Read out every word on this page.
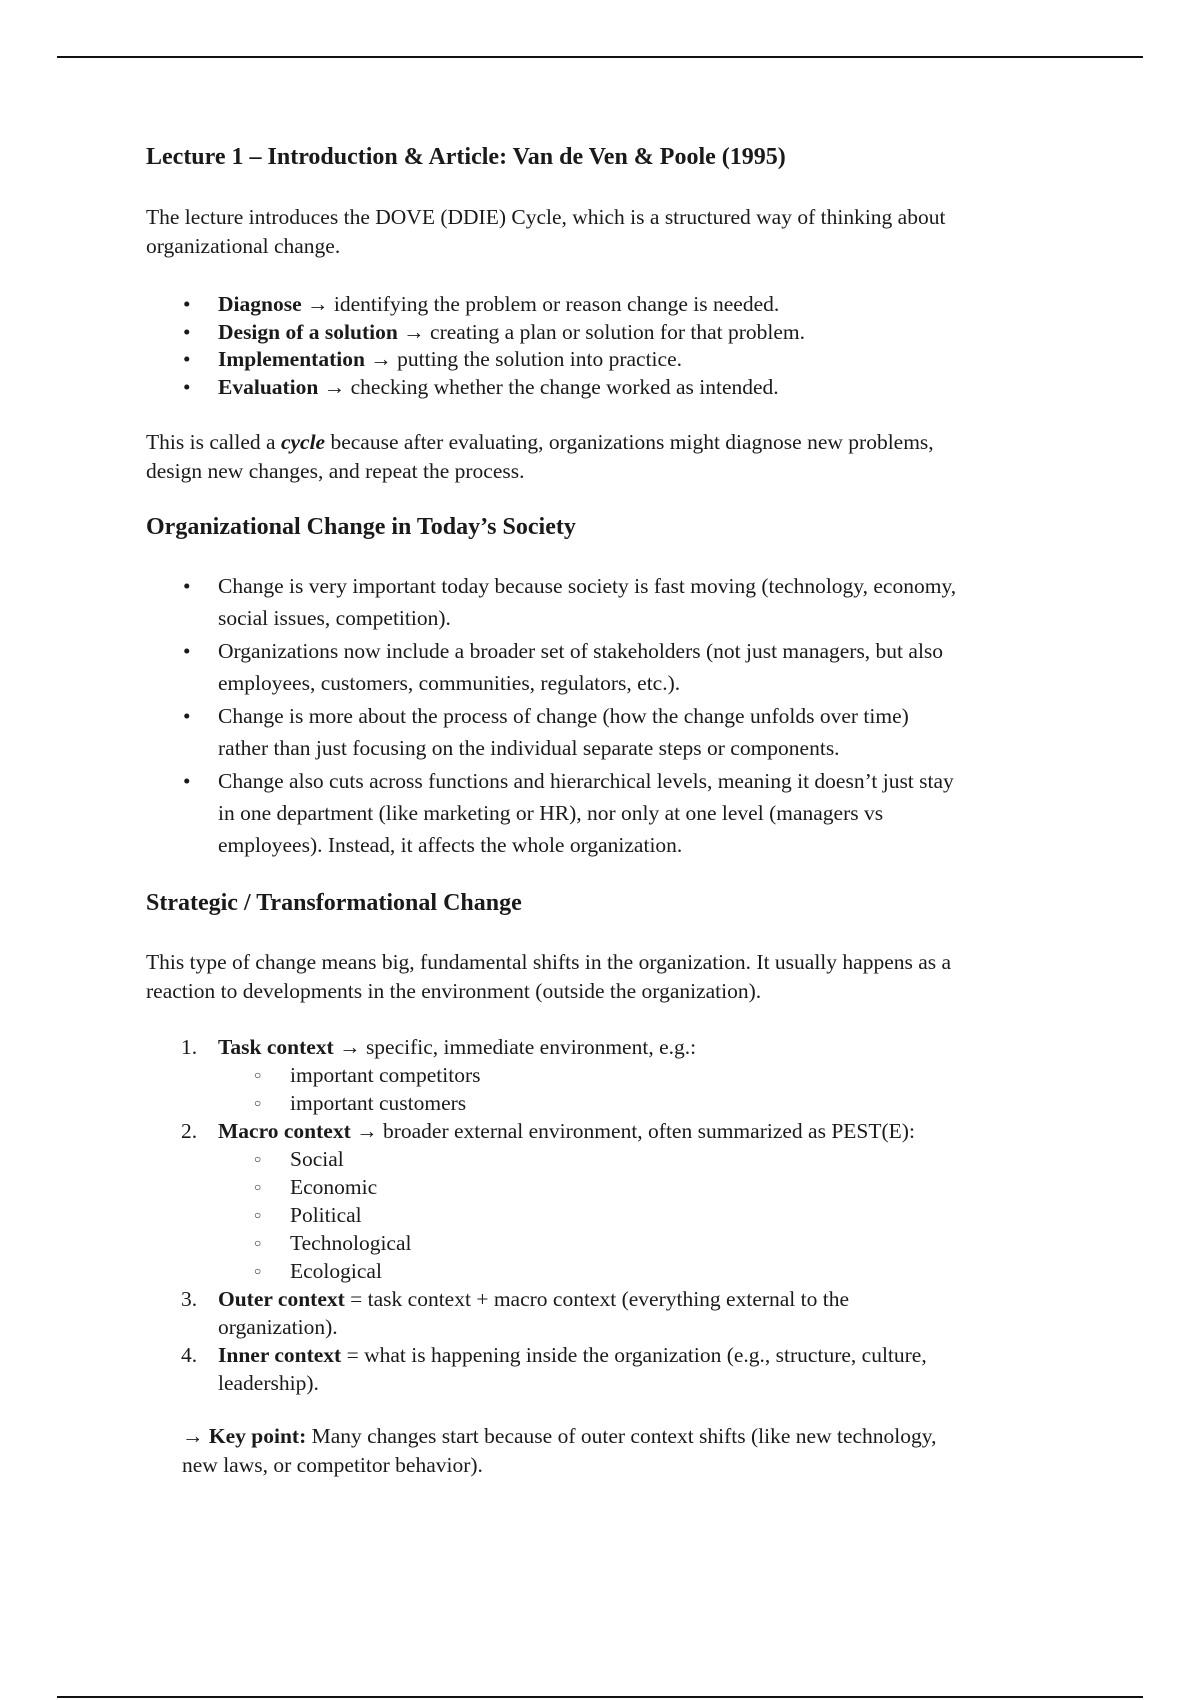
Lecture 1 – Introduction & Article: Van de Ven & Poole (1995)

The lecture introduces the DOVE (DDIE) Cycle, which is a structured way of thinking about

organizational change.

• Diagnose → identifying the problem or reason change is needed.
• Design of a solution → creating a plan or solution for that problem.
• Implementation → putting the solution into practice.
• Evaluation → checking whether the change worked as intended.

This is called a cycle because after evaluating, organizations might diagnose new problems,

design new changes, and repeat the process.

Organizational Change in Today’s Society
• Change is very important today because society is fast moving (technology, economy,
social issues, competition).
• Organizations now include a broader set of stakeholders (not just managers, but also
employees, customers, communities, regulators, etc.).
• Change is more about the process of change (how the change unfolds over time)
rather than just focusing on the individual separate steps or components.
• Change also cuts across functions and hierarchical levels, meaning it doesn’t just stay
in one department (like marketing or HR), nor only at one level (managers vs
employees). Instead, it affects the whole organization.
Strategic / Transformational Change

This type of change means big, fundamental shifts in the organization. It usually happens as a

reaction to developments in the environment (outside the organization).

1. Task context → specific, immediate environment, e.g.:
○ important competitors
○ important customers
2. Macro context → broader external environment, often summarized as PEST(E):
○ Social
○ Economic
○ Political
○ Technological
○ Ecological
3. Outer context = task context + macro context (everything external to the
organization).
4. Inner context = what is happening inside the organization (e.g., structure, culture,
leadership).

→ Key point: Many changes start because of outer context shifts (like new technology,

new laws, or competitor behavior).
